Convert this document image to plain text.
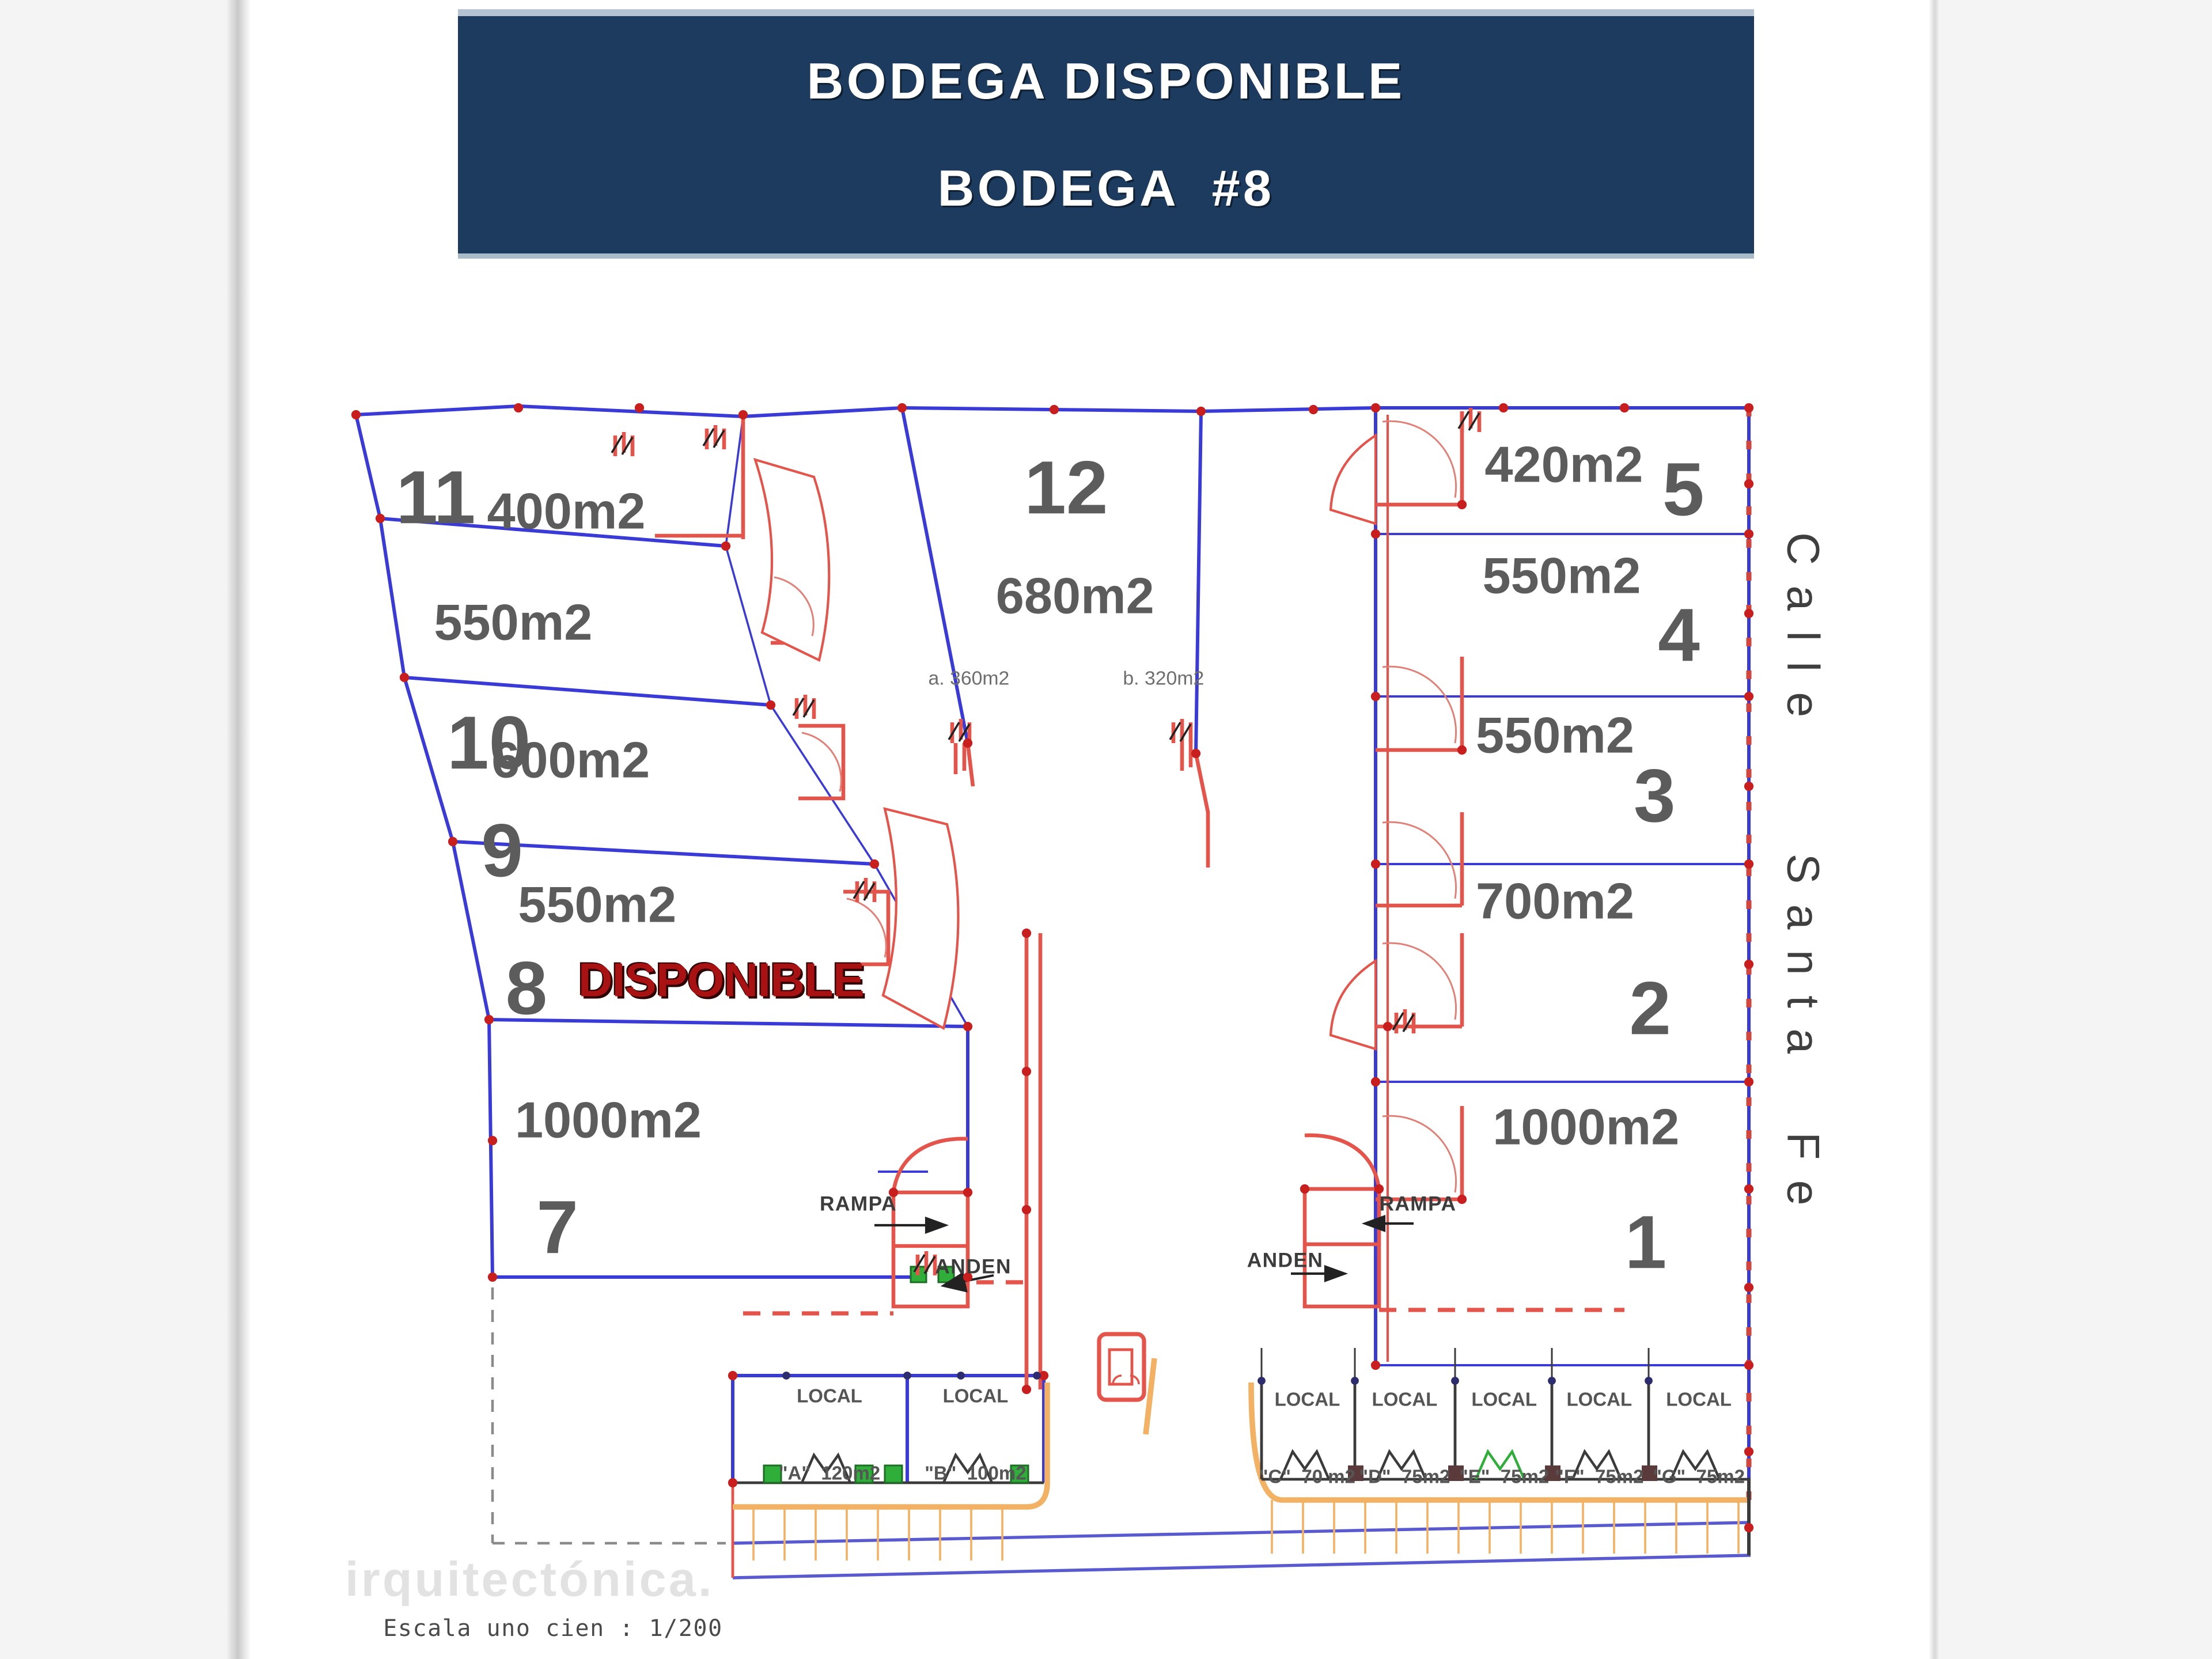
BODEGA DISPONIBLE
BODEGA  #8
11 400m2
550m2
10
600m2
9
550m2
8 DISPONIBLE
1000m2
7
12
680m2
a. 360m2	b. 320m2
420m2 5
550m2
4
550m2
3
700m2
2
1000m2
1
Calle  Santa Fe
RAMPA
ANDEN
RAMPA
ANDEN

LOCAL

"A"  120m2

LOCAL

"B"  100m2

LOCAL

"C"  70 m2

LOCAL

"D"  75m2

LOCAL

"E"  75m2

LOCAL

"F"  75m2

LOCAL

"G"  75m2

irquitectónica.
Escala uno cien : 1/200
